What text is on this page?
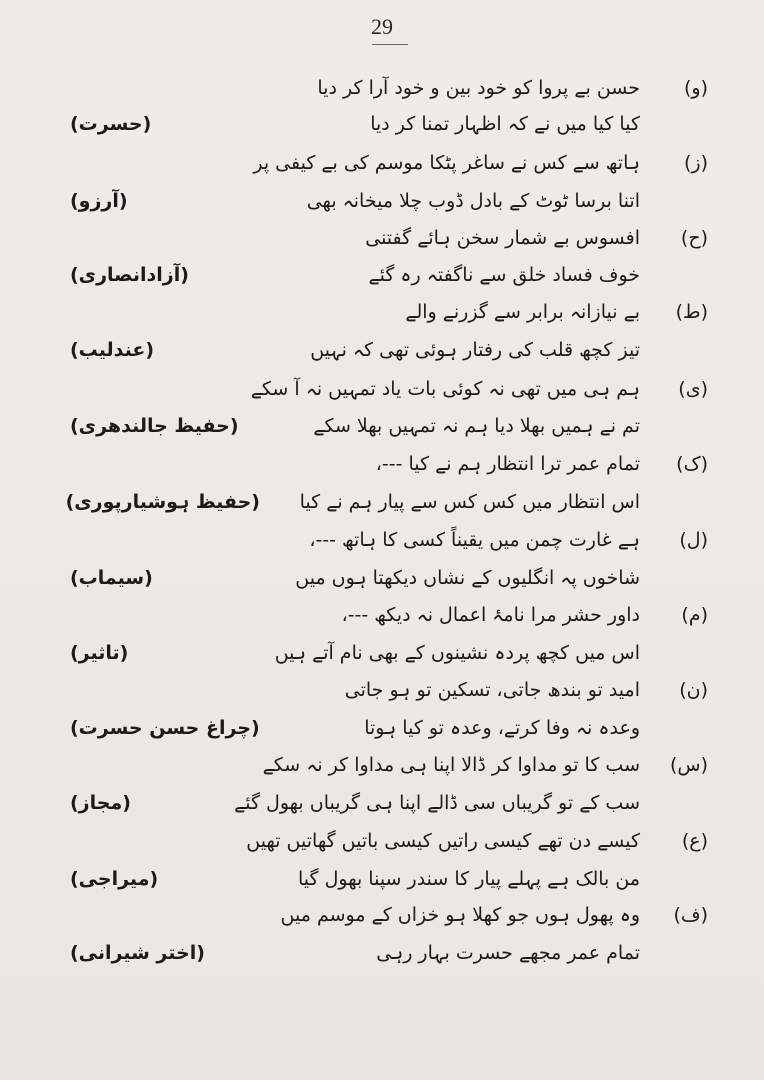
29
(و)
حسن بے پروا کو خود بین و خود آرا کر دیا
کیا کیا میں نے کہ اظہار تمنا کر دیا
(حسرت)
(ز)
ہاتھ سے کس نے ساغر پٹکا موسم کی بے کیفی پر
اتنا برسا ٹوٹ کے بادل ڈوب چلا میخانہ بھی
(آرزو)
(ح)
افسوس بے شمار سخن ہائے گفتنی
خوف فساد خلق سے ناگفتہ رہ گئے
(آزادانصاری)
(ط)
بے نیازانہ برابر سے گزرنے والے
تیز کچھ قلب کی رفتار ہوئی تھی کہ نہیں
(عندلیب)
(ی)
ہم ہی میں تھی نہ کوئی بات یاد تمہیں نہ آ سکے
تم نے ہمیں بھلا دیا ہم نہ تمہیں بھلا سکے
(حفیظ جالندھری)
(ک)
تمام عمر ترا انتظار ہم نے کیا ---،
اس انتظار میں کس کس سے پیار ہم نے کیا
(حفیظ ہوشیارپوری)
(ل)
ہے غارت چمن میں یقیناً کسی کا ہاتھ ---،
شاخوں پہ انگلیوں کے نشاں دیکھتا ہوں میں
(سیماب)
(م)
داور حشر مرا نامۂ اعمال نہ دیکھ ---،
اس میں کچھ پردہ نشینوں کے بھی نام آتے ہیں
(تاثیر)
(ن)
امید تو بندھ جاتی، تسکین تو ہو جاتی
وعدہ نہ وفا کرتے، وعدہ تو کیا ہوتا
(چراغ حسن حسرت)
(س)
سب کا تو مداوا کر ڈالا اپنا ہی مداوا کر نہ سکے
سب کے تو گریباں سی ڈالے اپنا ہی گریباں بھول گئے
(مجاز)
(ع)
کیسے دن تھے کیسی راتیں کیسی باتیں گھاتیں تھیں
من بالک ہے پہلے پیار کا سندر سپنا بھول گیا
(میراجی)
(ف)
وہ پھول ہوں جو کھلا ہو خزاں کے موسم میں
تمام عمر مجھے حسرت بہار رہی
(اختر شیرانی)
